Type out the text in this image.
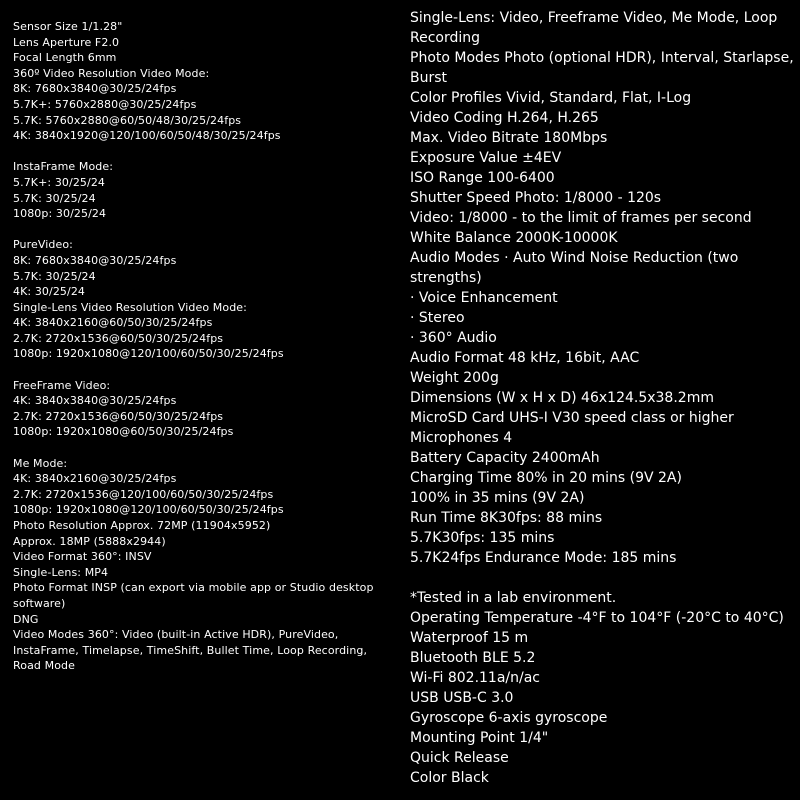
Sensor Size 1/1.28"
Lens Aperture F2.0
Focal Length 6mm
360º Video Resolution Video Mode:
8K: 7680x3840@30/25/24fps
5.7K+: 5760x2880@30/25/24fps
5.7K: 5760x2880@60/50/48/30/25/24fps
4K: 3840x1920@120/100/60/50/48/30/25/24fps
InstaFrame Mode:
5.7K+: 30/25/24
5.7K: 30/25/24
1080p: 30/25/24
PureVideo:
8K: 7680x3840@30/25/24fps
5.7K: 30/25/24
4K: 30/25/24
Single-Lens Video Resolution Video Mode:
4K: 3840x2160@60/50/30/25/24fps
2.7K: 2720x1536@60/50/30/25/24fps
1080p: 1920x1080@120/100/60/50/30/25/24fps
FreeFrame Video:
4K: 3840x3840@30/25/24fps
2.7K: 2720x1536@60/50/30/25/24fps
1080p: 1920x1080@60/50/30/25/24fps
Me Mode:
4K: 3840x2160@30/25/24fps
2.7K: 2720x1536@120/100/60/50/30/25/24fps
1080p: 1920x1080@120/100/60/50/30/25/24fps
Photo Resolution Approx. 72MP (11904x5952)
Approx. 18MP (5888x2944)
Video Format 360°: INSV
Single-Lens: MP4
Photo Format INSP (can export via mobile app or Studio desktop software)
DNG
Video Modes 360°: Video (built-in Active HDR), PureVideo, InstaFrame, Timelapse, TimeShift, Bullet Time, Loop Recording, Road Mode
Single-Lens: Video, Freeframe Video, Me Mode, Loop Recording
Photo Modes Photo (optional HDR), Interval, Starlapse, Burst
Color Profiles Vivid, Standard, Flat, I-Log
Video Coding H.264, H.265
Max. Video Bitrate 180Mbps
Exposure Value ±4EV
ISO Range 100-6400
Shutter Speed Photo: 1/8000 - 120s
Video: 1/8000 - to the limit of frames per second
White Balance 2000K-10000K
Audio Modes · Auto Wind Noise Reduction (two strengths)
· Voice Enhancement
· Stereo
· 360° Audio
Audio Format 48 kHz, 16bit, AAC
Weight 200g
Dimensions (W x H x D) 46x124.5x38.2mm
MicroSD Card UHS-I V30 speed class or higher
Microphones 4
Battery Capacity 2400mAh
Charging Time 80% in 20 mins (9V 2A)
100% in 35 mins (9V 2A)
Run Time 8K30fps: 88 mins
5.7K30fps: 135 mins
5.7K24fps Endurance Mode: 185 mins
*Tested in a lab environment.
Operating Temperature -4°F to 104°F (-20°C to 40°C)
Waterproof 15 m
Bluetooth BLE 5.2
Wi-Fi 802.11a/n/ac
USB USB-C 3.0
Gyroscope 6-axis gyroscope
Mounting Point 1/4"
Quick Release
Color Black
